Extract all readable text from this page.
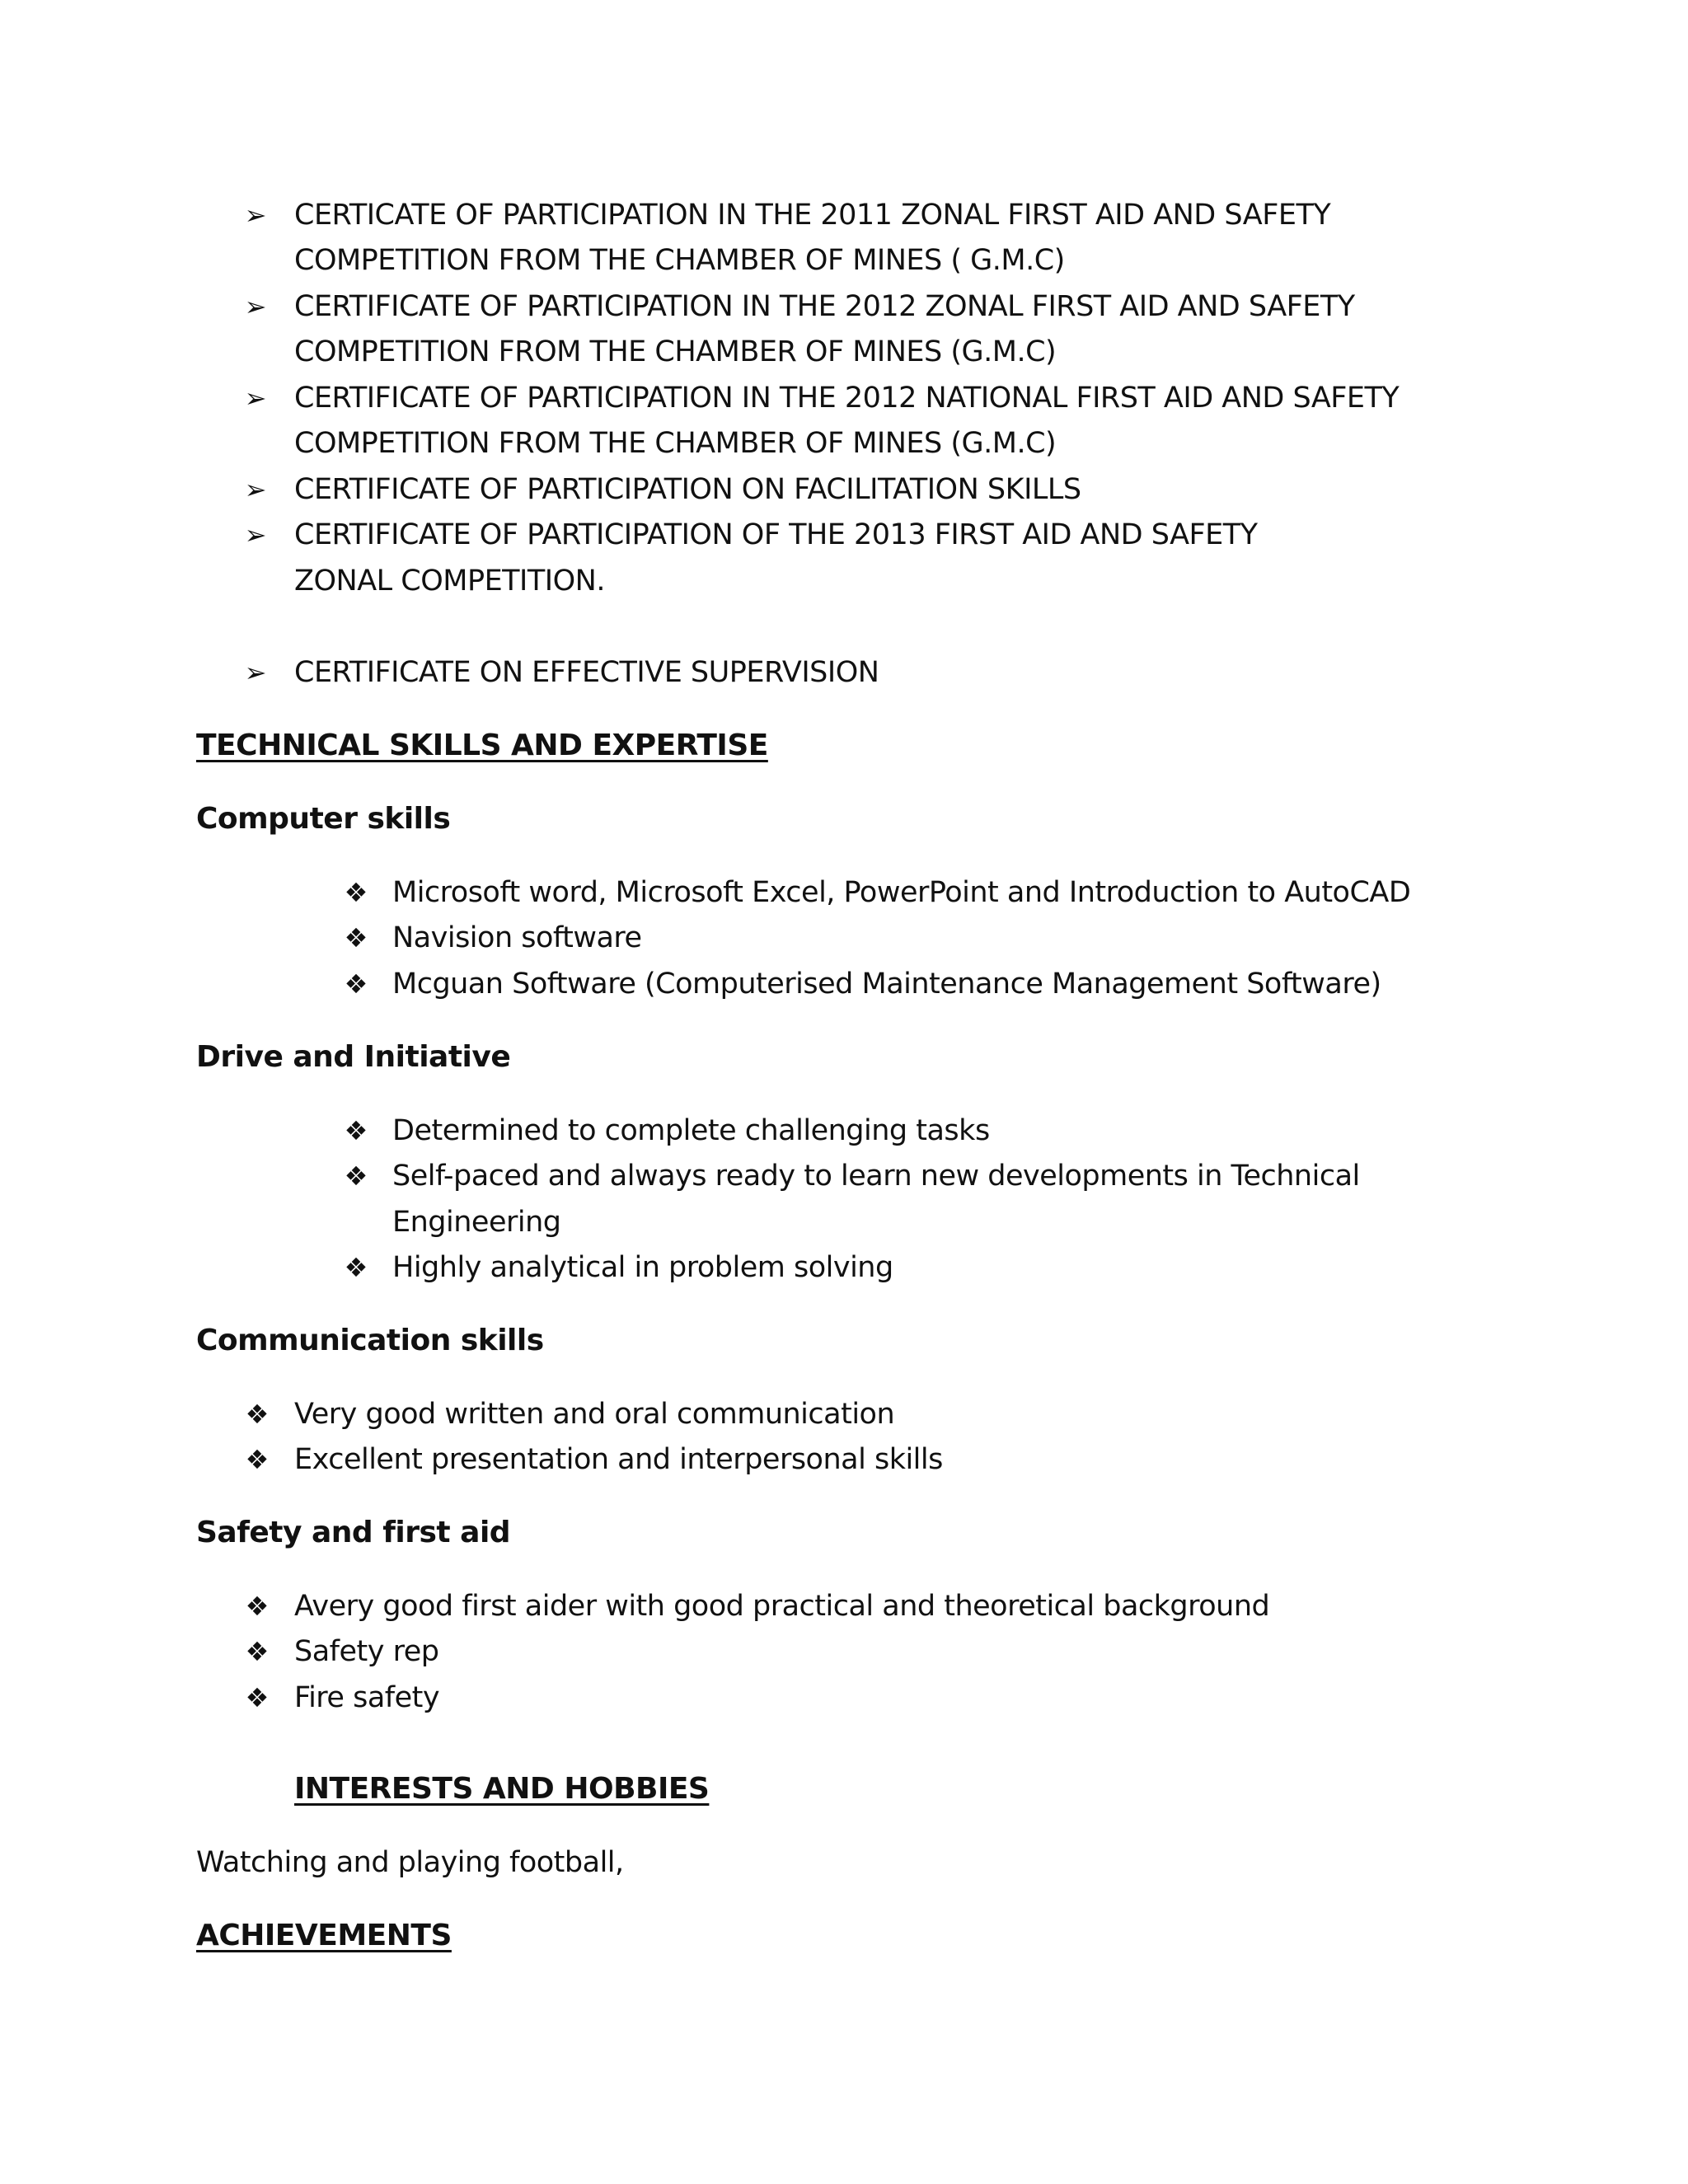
➢ CERTICATE OF PARTICIPATION IN THE 2011 ZONAL FIRST AID AND SAFETY
COMPETITION FROM THE CHAMBER OF MINES ( G.M.C)
➢ CERTIFICATE OF PARTICIPATION IN THE 2012 ZONAL FIRST AID AND SAFETY
COMPETITION FROM THE CHAMBER OF MINES (G.M.C)
➢ CERTIFICATE OF PARTICIPATION IN THE 2012 NATIONAL FIRST AID AND SAFETY
COMPETITION FROM THE CHAMBER OF MINES (G.M.C)
➢ CERTIFICATE OF PARTICIPATION ON FACILITATION SKILLS
➢ CERTIFICATE OF PARTICIPATION OF THE 2013 FIRST AID AND SAFETY
ZONAL COMPETITION.
➢ CERTIFICATE ON EFFECTIVE SUPERVISION
TECHNICAL SKILLS AND EXPERTISE
Computer skills
❖ Microsoft word, Microsoft Excel, PowerPoint and Introduction to AutoCAD
❖ Navision software
❖ Mcguan Software (Computerised Maintenance Management Software)
Drive and Initiative
❖ Determined to complete challenging tasks
❖ Self-paced and always ready to learn new developments in Technical
Engineering
❖ Highly analytical in problem solving
Communication skills
❖ Very good written and oral communication
❖ Excellent presentation and interpersonal skills
Safety and first aid
❖ Avery good first aider with good practical and theoretical background
❖ Safety rep
❖ Fire safety
INTERESTS AND HOBBIES
Watching and playing football,
ACHIEVEMENTS
